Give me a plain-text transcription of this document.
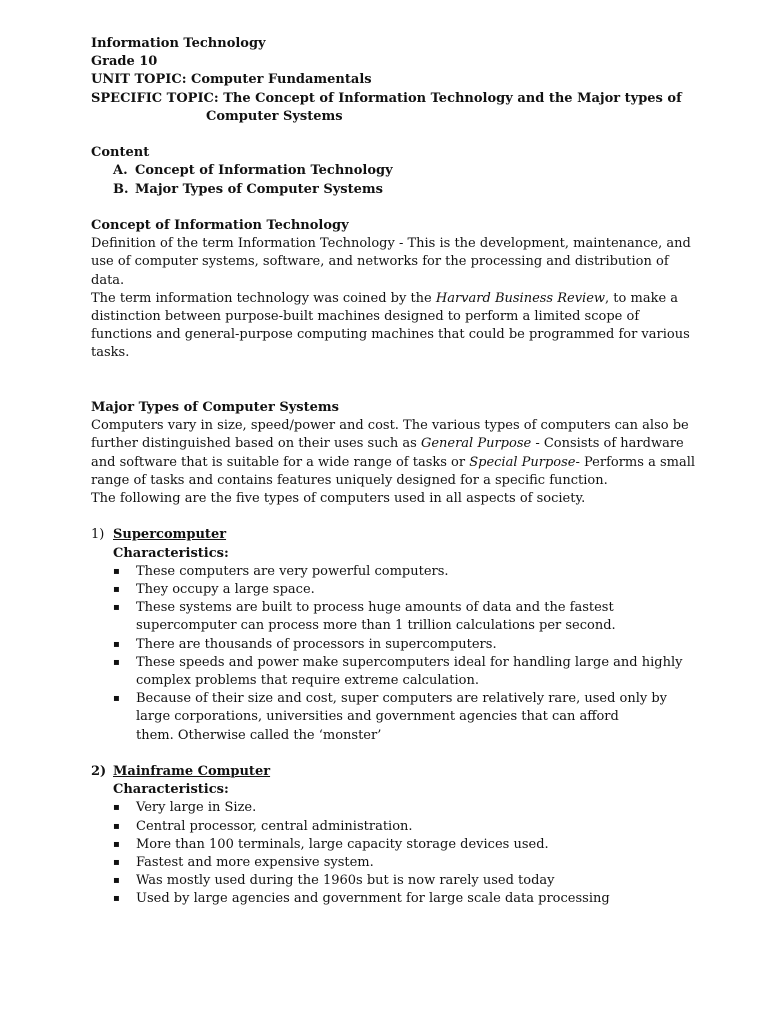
Information Technology
Grade 10
UNIT TOPIC: Computer Fundamentals
SPECIFIC TOPIC: The Concept of Information Technology and the Major types of
Computer Systems
Content
A. Concept of Information Technology
B. Major Types of Computer Systems
Concept of Information Technology
Definition of the term Information Technology - This is the development, maintenance, and
use of computer systems, software, and networks for the processing and distribution of
data.
The term information technology was coined by the Harvard Business Review, to make a
distinction between purpose-built machines designed to perform a limited scope of
functions and general-purpose computing machines that could be programmed for various
tasks.
Major Types of Computer Systems
Computers vary in size, speed/power and cost. The various types of computers can also be
further distinguished based on their uses such as General Purpose - Consists of hardware
and software that is suitable for a wide range of tasks or Special Purpose- Performs a small
range of tasks and contains features uniquely designed for a specific function.
The following are the five types of computers used in all aspects of society.
1) Supercomputer
Characteristics:
▪ These computers are very powerful computers.
▪ They occupy a large space.
▪ These systems are built to process huge amounts of data and the fastest
supercomputer can process more than 1 trillion calculations per second.
▪ There are thousands of processors in supercomputers.
▪ These speeds and power make supercomputers ideal for handling large and highly
complex problems that require extreme calculation.
▪ Because of their size and cost, super computers are relatively rare, used only by
large corporations, universities and government agencies that can afford
them. Otherwise called the ‘monster’
2) Mainframe Computer
Characteristics:
▪ Very large in Size.
▪ Central processor, central administration.
▪ More than 100 terminals, large capacity storage devices used.
▪ Fastest and more expensive system.
▪ Was mostly used during the 1960s but is now rarely used today
▪ Used by large agencies and government for large scale data processing
